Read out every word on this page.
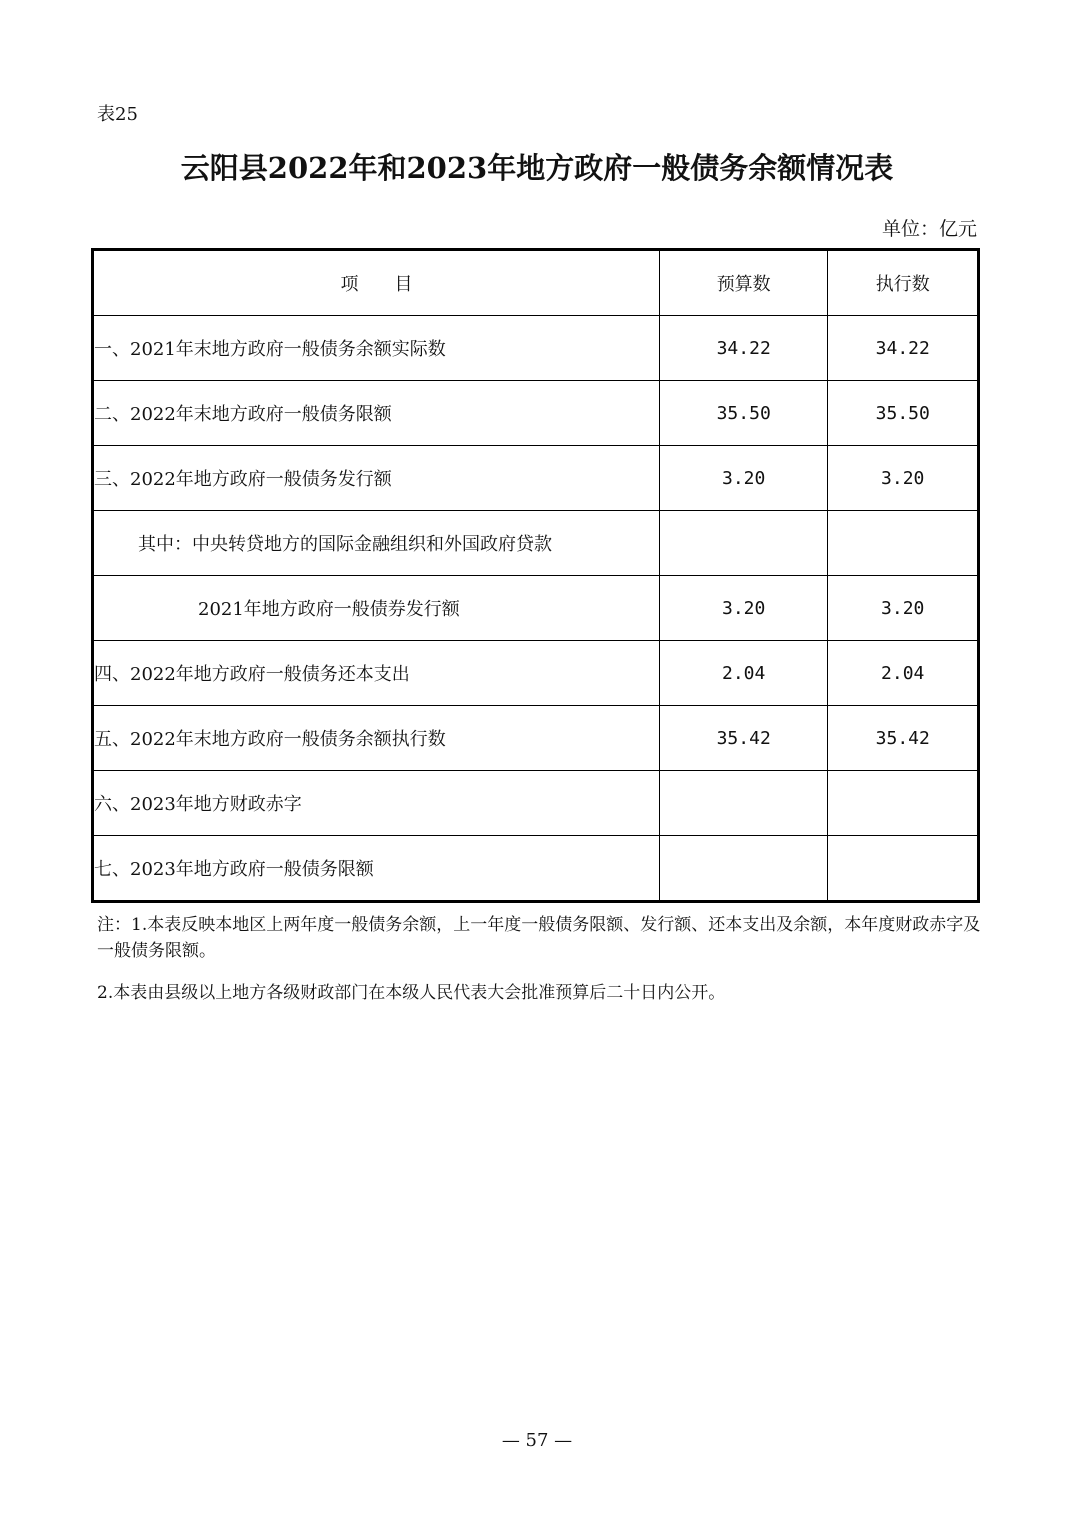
表25
云阳县2022年和2023年地方政府一般债务余额情况表
单位：亿元
项　　目	预算数	执行数
一、2021年末地方政府一般债务余额实际数	34.22	34.22
二、2022年末地方政府一般债务限额	35.50	35.50
三、2022年地方政府一般债务发行额	3.20	3.20
其中：中央转贷地方的国际金融组织和外国政府贷款		
2021年地方政府一般债券发行额	3.20	3.20
四、2022年地方政府一般债务还本支出	2.04	2.04
五、2022年末地方政府一般债务余额执行数	35.42	35.42
六、2023年地方财政赤字		
七、2023年地方政府一般债务限额		

注：1.本表反映本地区上两年度一般债务余额，上一年度一般债务限额、发行额、还本支出及余额，本年度财政赤字及一般债务限额。

2.本表由县级以上地方各级财政部门在本级人民代表大会批准预算后二十日内公开。

— 57 —
